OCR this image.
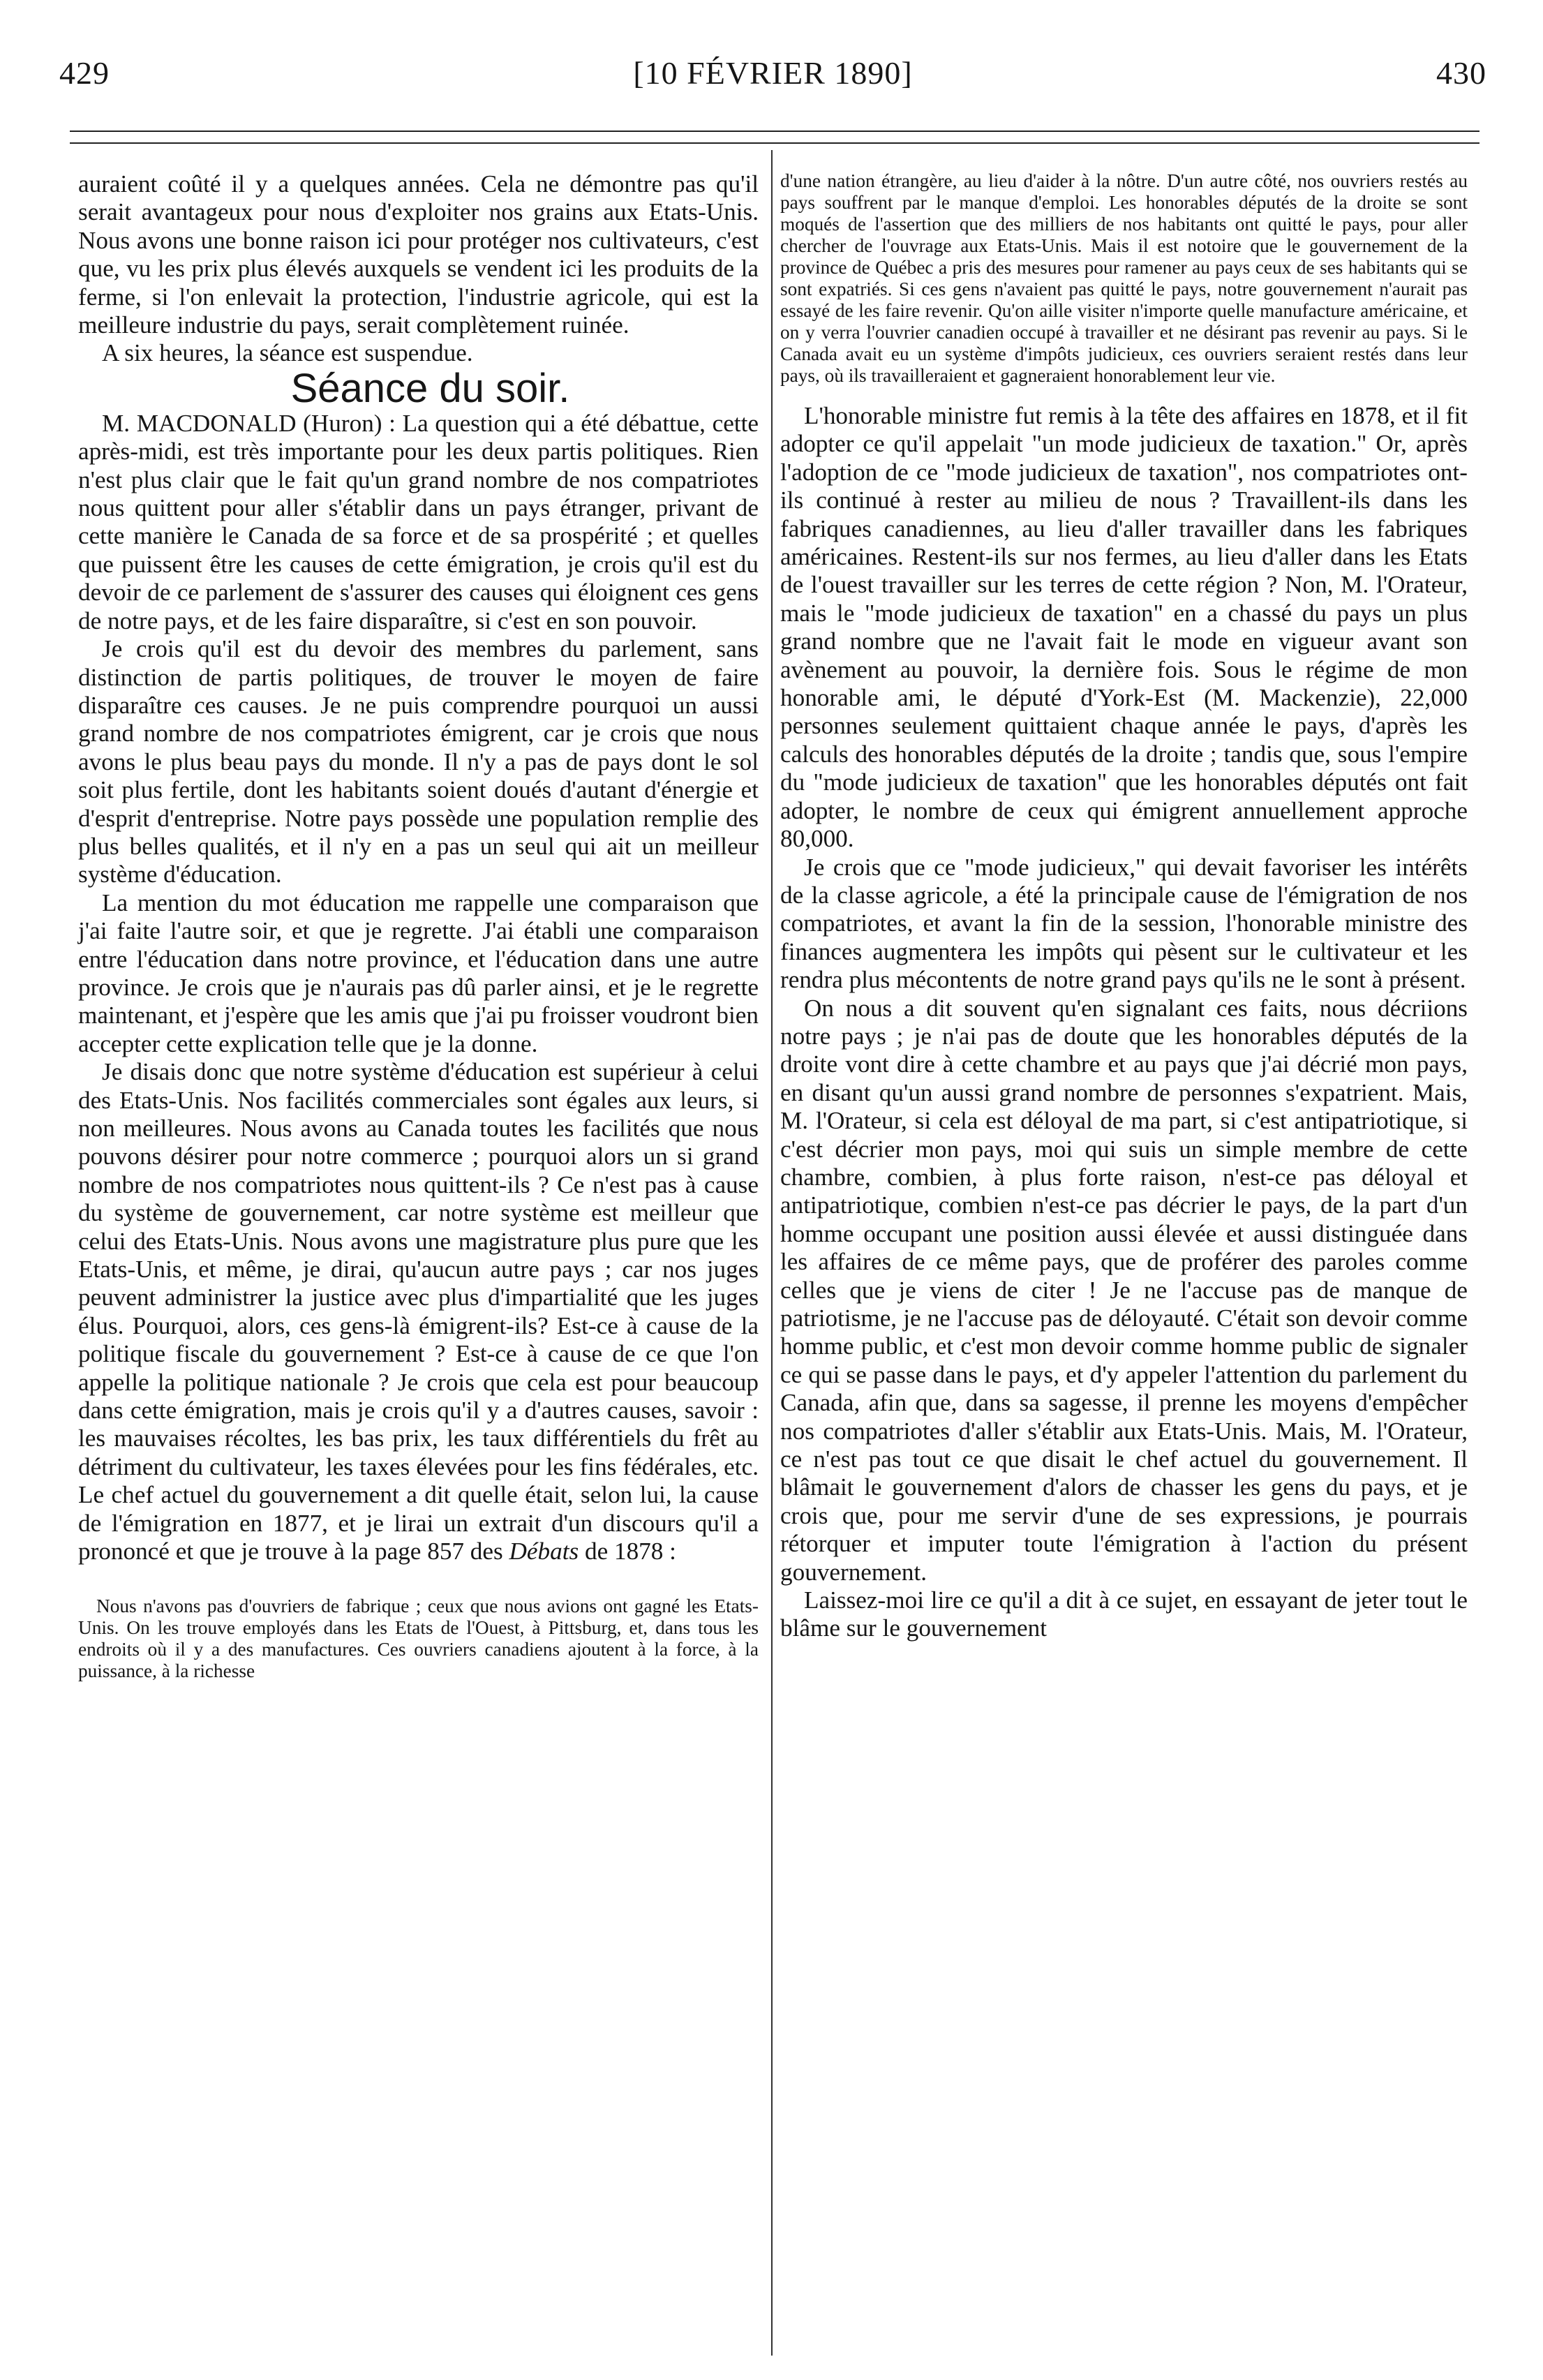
429	[10 FÉVRIER 1890]	430

auraient coûté il y a quelques années. Cela ne démontre pas qu'il serait avantageux pour nous d'exploiter nos grains aux Etats-Unis. Nous avons une bonne raison ici pour protéger nos cultivateurs, c'est que, vu les prix plus élevés auxquels se vendent ici les produits de la ferme, si l'on enlevait la protection, l'industrie agricole, qui est la meilleure industrie du pays, serait complètement ruinée.

A six heures, la séance est suspendue.

Séance du soir.

M. MACDONALD (Huron) : La question qui a été débattue, cette après-midi, est très importante pour les deux partis politiques. Rien n'est plus clair que le fait qu'un grand nombre de nos compatriotes nous quittent pour aller s'établir dans un pays étranger, privant de cette manière le Canada de sa force et de sa prospérité ; et quelles que puissent être les causes de cette émigration, je crois qu'il est du devoir de ce parlement de s'assurer des causes qui éloignent ces gens de notre pays, et de les faire disparaître, si c'est en son pouvoir.

Je crois qu'il est du devoir des membres du parlement, sans distinction de partis politiques, de trouver le moyen de faire disparaître ces causes. Je ne puis comprendre pourquoi un aussi grand nombre de nos compatriotes émigrent, car je crois que nous avons le plus beau pays du monde. Il n'y a pas de pays dont le sol soit plus fertile, dont les habitants soient doués d'autant d'énergie et d'esprit d'entreprise. Notre pays possède une population remplie des plus belles qualités, et il n'y en a pas un seul qui ait un meilleur système d'éducation.

La mention du mot éducation me rappelle une comparaison que j'ai faite l'autre soir, et que je regrette. J'ai établi une comparaison entre l'éducation dans notre province, et l'éducation dans une autre province. Je crois que je n'aurais pas dû parler ainsi, et je le regrette maintenant, et j'espère que les amis que j'ai pu froisser voudront bien accepter cette explication telle que je la donne.

Je disais donc que notre système d'éducation est supérieur à celui des Etats-Unis. Nos facilités commerciales sont égales aux leurs, si non meilleures. Nous avons au Canada toutes les facilités que nous pouvons désirer pour notre commerce ; pourquoi alors un si grand nombre de nos compatriotes nous quittent-ils ? Ce n'est pas à cause du système de gouvernement, car notre système est meilleur que celui des Etats-Unis. Nous avons une magistrature plus pure que les Etats-Unis, et même, je dirai, qu'aucun autre pays ; car nos juges peuvent administrer la justice avec plus d'impartialité que les juges élus. Pourquoi, alors, ces gens-là émigrent-ils? Est-ce à cause de la politique fiscale du gouvernement ? Est-ce à cause de ce que l'on appelle la politique nationale ? Je crois que cela est pour beaucoup dans cette émigration, mais je crois qu'il y a d'autres causes, savoir : les mauvaises récoltes, les bas prix, les taux différentiels du frêt au détriment du cultivateur, les taxes élevées pour les fins fédérales, etc. Le chef actuel du gouvernement a dit quelle était, selon lui, la cause de l'émigration en 1877, et je lirai un extrait d'un discours qu'il a prononcé et que je trouve à la page 857 des Débats de 1878 :

Nous n'avons pas d'ouvriers de fabrique ; ceux que nous avions ont gagné les Etats-Unis. On les trouve employés dans les Etats de l'Ouest, à Pittsburg, et, dans tous les endroits où il y a des manufactures. Ces ouvriers canadiens ajoutent à la force, à la puissance, à la richesse

d'une nation étrangère, au lieu d'aider à la nôtre. D'un autre côté, nos ouvriers restés au pays souffrent par le manque d'emploi. Les honorables députés de la droite se sont moqués de l'assertion que des milliers de nos habitants ont quitté le pays, pour aller chercher de l'ouvrage aux Etats-Unis. Mais il est notoire que le gouvernement de la province de Québec a pris des mesures pour ramener au pays ceux de ses habitants qui se sont expatriés. Si ces gens n'avaient pas quitté le pays, notre gouvernement n'aurait pas essayé de les faire revenir. Qu'on aille visiter n'importe quelle manufacture américaine, et on y verra l'ouvrier canadien occupé à travailler et ne désirant pas revenir au pays. Si le Canada avait eu un système d'impôts judicieux, ces ouvriers seraient restés dans leur pays, où ils travailleraient et gagneraient honorablement leur vie.

L'honorable ministre fut remis à la tête des affaires en 1878, et il fit adopter ce qu'il appelait "un mode judicieux de taxation." Or, après l'adoption de ce "mode judicieux de taxation", nos compatriotes ont-ils continué à rester au milieu de nous ? Travaillent-ils dans les fabriques canadiennes, au lieu d'aller travailler dans les fabriques américaines. Restent-ils sur nos fermes, au lieu d'aller dans les Etats de l'ouest travailler sur les terres de cette région ? Non, M. l'Orateur, mais le "mode judicieux de taxation" en a chassé du pays un plus grand nombre que ne l'avait fait le mode en vigueur avant son avènement au pouvoir, la dernière fois. Sous le régime de mon honorable ami, le député d'York-Est (M. Mackenzie), 22,000 personnes seulement quittaient chaque année le pays, d'après les calculs des honorables députés de la droite ; tandis que, sous l'empire du "mode judicieux de taxation" que les honorables députés ont fait adopter, le nombre de ceux qui émigrent annuellement approche 80,000.

Je crois que ce "mode judicieux," qui devait favoriser les intérêts de la classe agricole, a été la principale cause de l'émigration de nos compatriotes, et avant la fin de la session, l'honorable ministre des finances augmentera les impôts qui pèsent sur le cultivateur et les rendra plus mécontents de notre grand pays qu'ils ne le sont à présent.

On nous a dit souvent qu'en signalant ces faits, nous décriions notre pays ; je n'ai pas de doute que les honorables députés de la droite vont dire à cette chambre et au pays que j'ai décrié mon pays, en disant qu'un aussi grand nombre de personnes s'expatrient. Mais, M. l'Orateur, si cela est déloyal de ma part, si c'est antipatriotique, si c'est décrier mon pays, moi qui suis un simple membre de cette chambre, combien, à plus forte raison, n'est-ce pas déloyal et antipatriotique, combien n'est-ce pas décrier le pays, de la part d'un homme occupant une position aussi élevée et aussi distinguée dans les affaires de ce même pays, que de proférer des paroles comme celles que je viens de citer ! Je ne l'accuse pas de manque de patriotisme, je ne l'accuse pas de déloyauté. C'était son devoir comme homme public, et c'est mon devoir comme homme public de signaler ce qui se passe dans le pays, et d'y appeler l'attention du parlement du Canada, afin que, dans sa sagesse, il prenne les moyens d'empêcher nos compatriotes d'aller s'établir aux Etats-Unis. Mais, M. l'Orateur, ce n'est pas tout ce que disait le chef actuel du gouvernement. Il blâmait le gouvernement d'alors de chasser les gens du pays, et je crois que, pour me servir d'une de ses expressions, je pourrais rétorquer et imputer toute l'émigration à l'action du présent gouvernement.

Laissez-moi lire ce qu'il a dit à ce sujet, en essayant de jeter tout le blâme sur le gouvernement
